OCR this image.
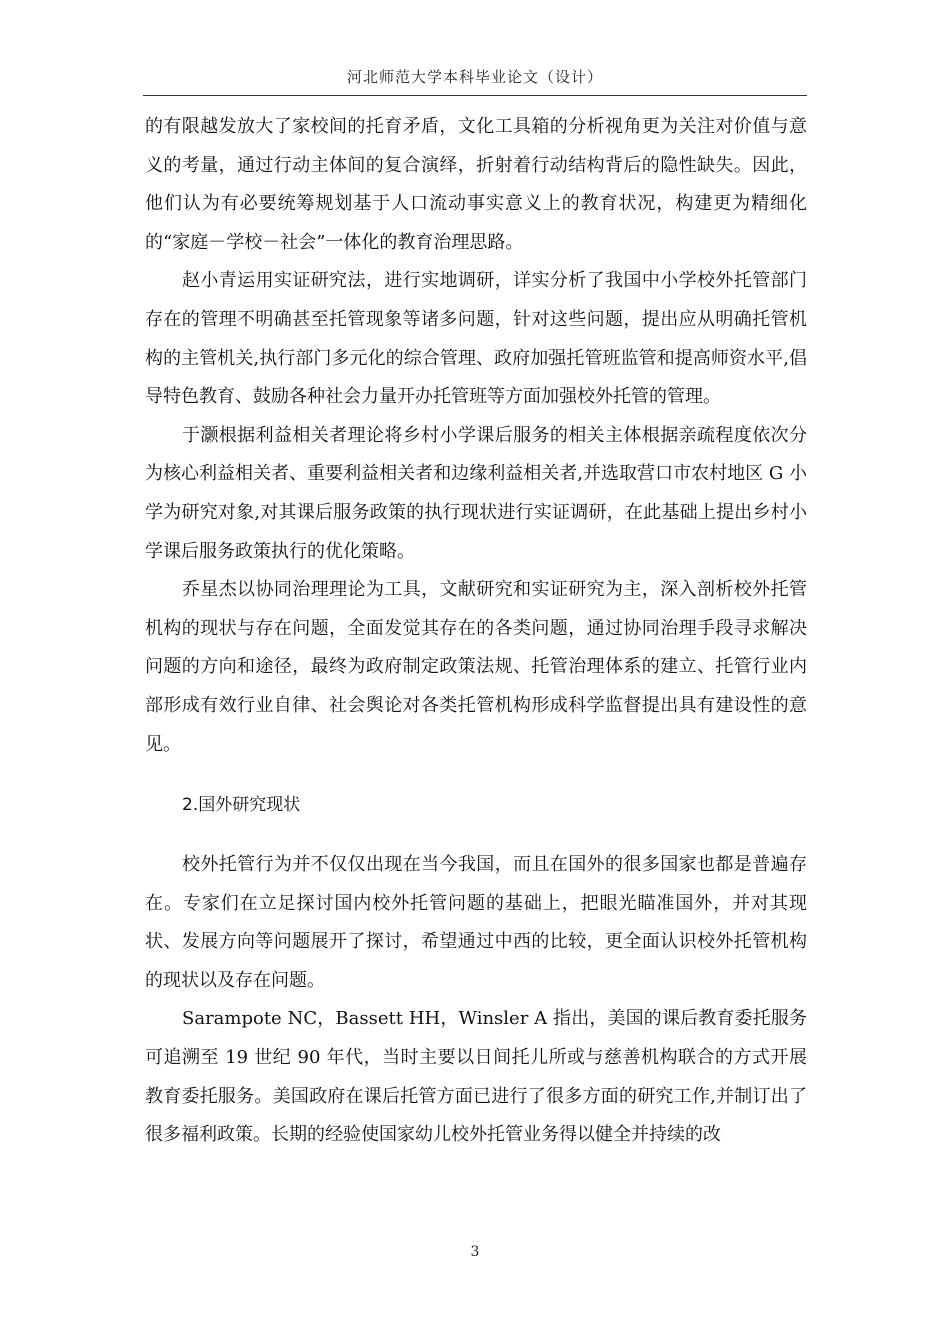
河北师范大学本科毕业论文（设计）

的有限越发放大了家校间的托育矛盾，文化工具箱的分析视角更为关注对价值与意义的考量，通过行动主体间的复合演绎，折射着行动结构背后的隐性缺失。因此，他们认为有必要统筹规划基于人口流动事实意义上的教育状况，构建更为精细化的“家庭－学校－社会”一体化的教育治理思路。

赵小青运用实证研究法，进行实地调研，详实分析了我国中小学校外托管部门存在的管理不明确甚至托管现象等诸多问题，针对这些问题，提出应从明确托管机构的主管机关,执行部门多元化的综合管理、政府加强托管班监管和提高师资水平,倡导特色教育、鼓励各种社会力量开办托管班等方面加强校外托管的管理。

于灏根据利益相关者理论将乡村小学课后服务的相关主体根据亲疏程度依次分为核心利益相关者、重要利益相关者和边缘利益相关者,并选取营口市农村地区 G 小学为研究对象,对其课后服务政策的执行现状进行实证调研，在此基础上提出乡村小学课后服务政策执行的优化策略。

乔星杰以协同治理理论为工具，文献研究和实证研究为主，深入剖析校外托管机构的现状与存在问题，全面发觉其存在的各类问题，通过协同治理手段寻求解决问题的方向和途径，最终为政府制定政策法规、托管治理体系的建立、托管行业内部形成有效行业自律、社会舆论对各类托管机构形成科学监督提出具有建设性的意见。

2.国外研究现状

校外托管行为并不仅仅出现在当今我国，而且在国外的很多国家也都是普遍存在。专家们在立足探讨国内校外托管问题的基础上，把眼光瞄准国外，并对其现状、发展方向等问题展开了探讨，希望通过中西的比较，更全面认识校外托管机构的现状以及存在问题。

Sarampote NC，Bassett HH，Winsler A 指出，美国的课后教育委托服务可追溯至 19 世纪 90 年代，当时主要以日间托儿所或与慈善机构联合的方式开展教育委托服务。美国政府在课后托管方面已进行了很多方面的研究工作,并制订出了很多福利政策。长期的经验使国家幼儿校外托管业务得以健全并持续的改

3
